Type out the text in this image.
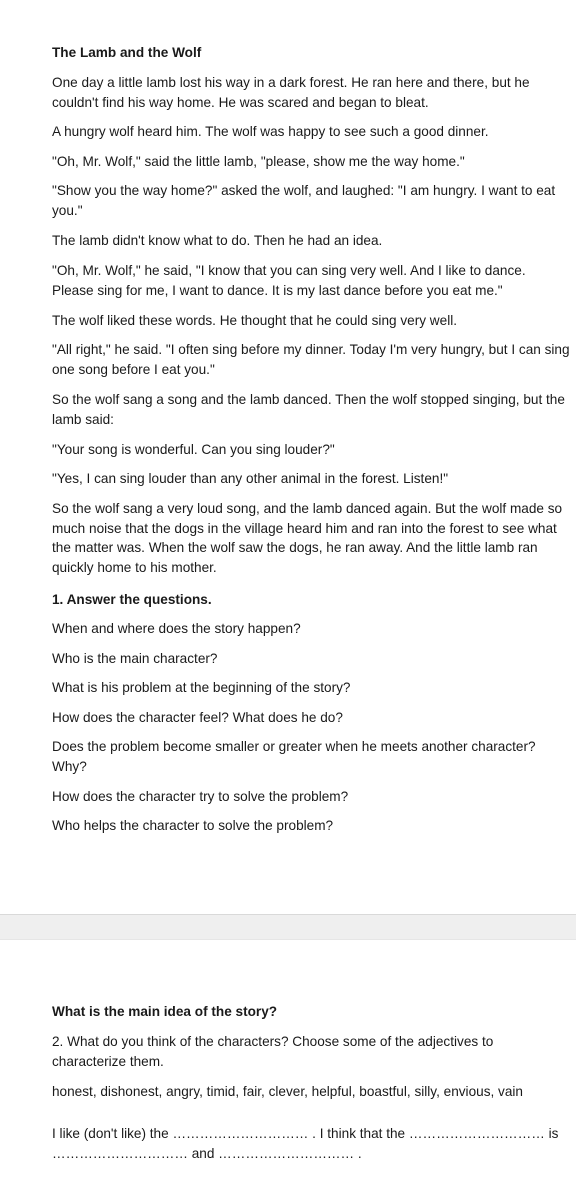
The Lamb and the Wolf

One day a little lamb lost his way in a dark forest. He ran here and there, but he couldn't find his way home. He was scared and began to bleat.

A hungry wolf heard him. The wolf was happy to see such a good dinner.

"Oh, Mr. Wolf," said the little lamb, "please, show me the way home."

"Show you the way home?" asked the wolf, and laughed: "I am hungry. I want to eat you."

The lamb didn't know what to do. Then he had an idea.

"Oh, Mr. Wolf," he said, "I know that you can sing very well. And I like to dance. Please sing for me, I want to dance. It is my last dance before you eat me."

The wolf liked these words. He thought that he could sing very well.

"All right," he said. "I often sing before my dinner. Today I'm very hungry, but I can sing one song before I eat you."

So the wolf sang a song and the lamb danced. Then the wolf stopped singing, but the lamb said:

"Your song is wonderful. Can you sing louder?"

"Yes, I can sing louder than any other animal in the forest. Listen!"

So the wolf sang a very loud song, and the lamb danced again. But the wolf made so much noise that the dogs in the village heard him and ran into the forest to see what the matter was. When the wolf saw the dogs, he ran away. And the little lamb ran quickly home to his mother.

1. Answer the questions.

When and where does the story happen?

Who is the main character?

What is his problem at the beginning of the story?

How does the character feel? What does he do?

Does the problem become smaller or greater when he meets another character? Why?

How does the character try to solve the problem?

Who helps the character to solve the problem?

What is the main idea of the story?

2. What do you think of the characters? Choose some of the adjectives to characterize them.

honest, dishonest, angry, timid, fair, clever, helpful, boastful, silly, envious, vain

I like (don't like) the ………………………… . I think that the ………………………… is

………………………… and ………………………… .
